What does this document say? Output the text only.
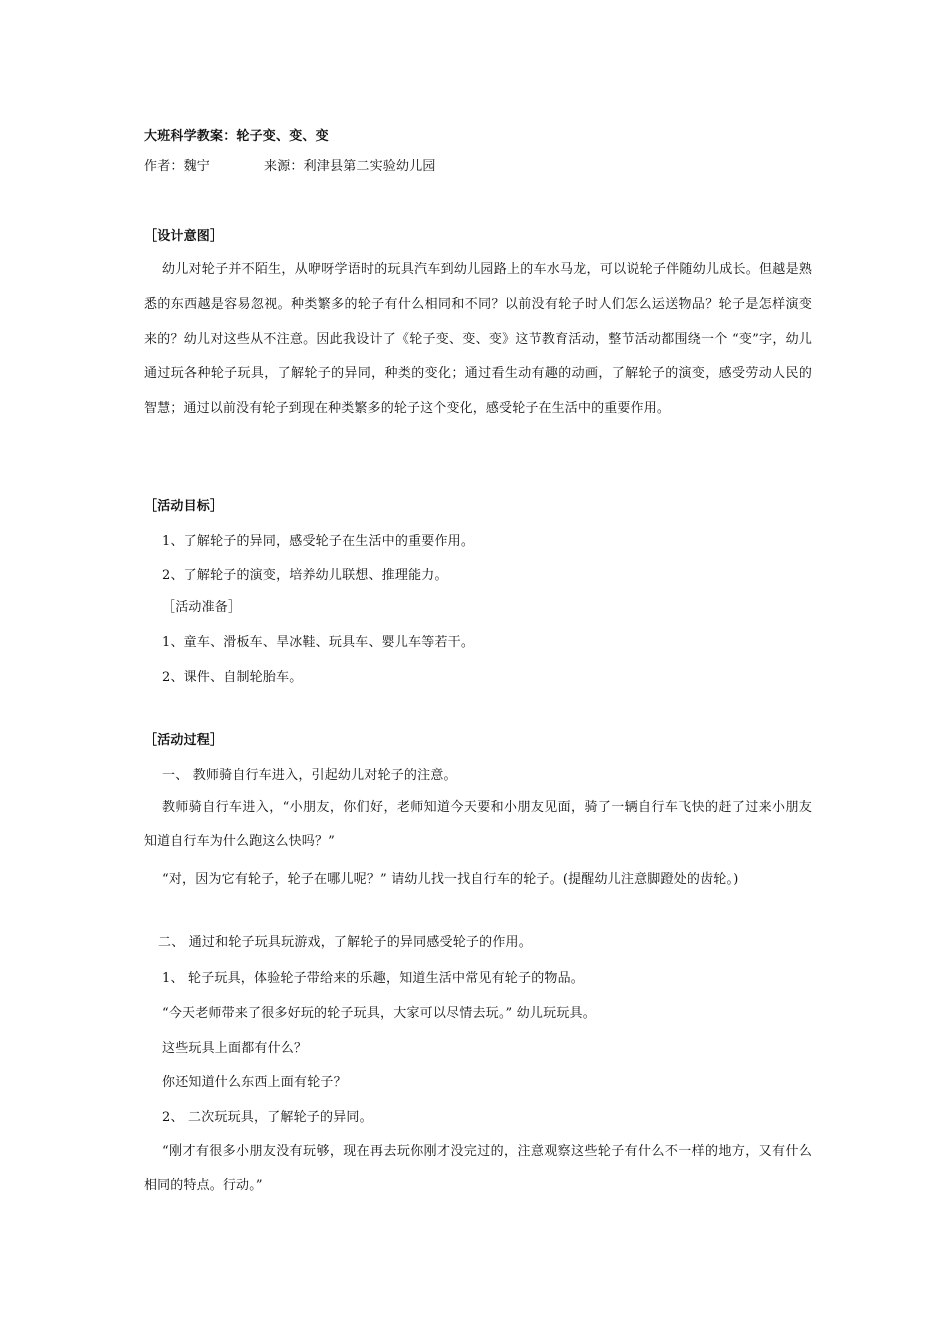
大班科学教案：轮子变、变、变
作者：魏宁	来源：利津县第二实验幼儿园
［设计意图］
幼儿对轮子并不陌生，从咿呀学语时的玩具汽车到幼儿园路上的车水马龙，可以说轮子伴随幼儿成长。但越是熟悉的东西越是容易忽视。种类繁多的轮子有什么相同和不同？以前没有轮子时人们怎么运送物品？轮子是怎样演变来的？幼儿对这些从不注意。因此我设计了《轮子变、变、变》这节教育活动，整节活动都围绕一个 “变”字，幼儿通过玩各种轮子玩具，了解轮子的异同，种类的变化；通过看生动有趣的动画，了解轮子的演变，感受劳动人民的智慧；通过以前没有轮子到现在种类繁多的轮子这个变化，感受轮子在生活中的重要作用。
［活动目标］
1、了解轮子的异同，感受轮子在生活中的重要作用。
2、了解轮子的演变，培养幼儿联想、推理能力。
［活动准备］
1、童车、滑板车、旱冰鞋、玩具车、婴儿车等若干。
2、课件、自制轮胎车。
［活动过程］
一、 教师骑自行车进入，引起幼儿对轮子的注意。
教师骑自行车进入，“小朋友，你们好，老师知道今天要和小朋友见面，骑了一辆自行车飞快的赶了过来小朋友知道自行车为什么跑这么快吗？”
“对，因为它有轮子，轮子在哪儿呢？” 请幼儿找一找自行车的轮子。(提醒幼儿注意脚蹬处的齿轮。)
二、 通过和轮子玩具玩游戏，了解轮子的异同感受轮子的作用。
1、 轮子玩具，体验轮子带给来的乐趣，知道生活中常见有轮子的物品。
“今天老师带来了很多好玩的轮子玩具，大家可以尽情去玩。” 幼儿玩玩具。
这些玩具上面都有什么？
你还知道什么东西上面有轮子？
2、 二次玩玩具，了解轮子的异同。
“刚才有很多小朋友没有玩够，现在再去玩你刚才没完过的，注意观察这些轮子有什么不一样的地方，又有什么相同的特点。行动。”
